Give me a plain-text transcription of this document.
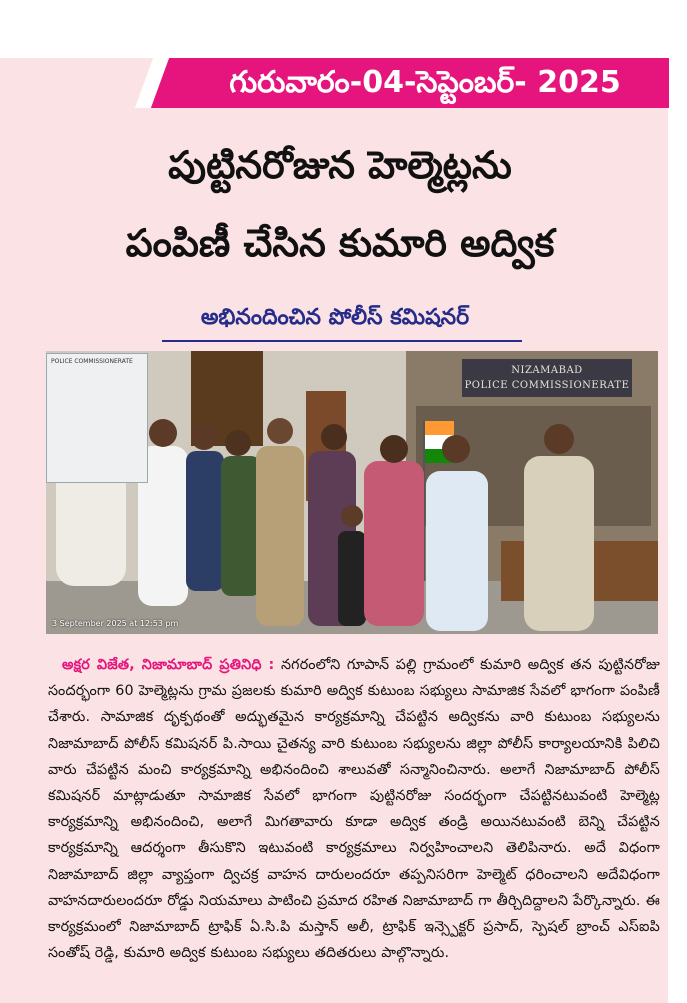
గురువారం-04-సెప్టెంబర్- 2025
పుట్టినరోజున హెల్మెట్లను
పంపిణీ చేసిన కుమారి అద్విక
అభినందించిన పోలీస్ కమిషనర్
POLICE COMMISSIONERATE
NIZAMABAD
POLICE COMMISSIONERATE
3 September 2025 at 12:53 pm
అక్షర విజేత, నిజామాబాద్ ప్రతినిధి : నగరంలోని గూపాన్ పల్లి గ్రామంలో కుమారి అద్విక తన పుట్టినరోజు సందర్భంగా 60 హెల్మెట్లను గ్రామ ప్రజలకు కుమారి అద్విక కుటుంబ సభ్యులు సామాజిక సేవలో భాగంగా పంపిణీ చేశారు. సామాజిక దృక్పథంతో అద్భుతమైన కార్యక్రమాన్ని చేపట్టిన అద్వికను వారి కుటుంబ సభ్యులను నిజామాబాద్ పోలీస్ కమిషనర్ పి.సాయి చైతన్య వారి కుటుంబ సభ్యులను జిల్లా పోలీస్ కార్యాలయానికి పిలిచి వారు చేపట్టిన మంచి కార్యక్రమాన్ని అభినందించి శాలువతో సన్మానించినారు. అలాగే నిజామాబాద్ పోలీస్ కమిషనర్ మాట్లాడుతూ సామాజిక సేవలో భాగంగా పుట్టినరోజు సందర్భంగా చేపట్టినటువంటి హెల్మెట్ల కార్యక్రమాన్ని అభినందించి, అలాగే మిగతావారు కూడా అద్విక తండ్రి అయినటువంటి బెన్ని చేపట్టిన కార్యక్రమాన్ని ఆదర్శంగా తీసుకొని ఇటువంటి కార్యక్రమాలు నిర్వహించాలని తెలిపినారు. అదే విధంగా నిజామాబాద్ జిల్లా వ్యాప్తంగా ద్విచక్ర వాహన దారులందరూ తప్పనిసరిగా హెల్మెట్ ధరించాలని అదేవిధంగా వాహనదారులందరూ రోడ్డు నియమాలు పాటించి ప్రమాద రహిత నిజామాబాద్ గా తీర్చిదిద్దాలని పేర్కొన్నారు. ఈ కార్యక్రమంలో నిజామాబాద్ ట్రాఫిక్ ఏ.సి.పి మస్తాన్ అలీ, ట్రాఫిక్ ఇన్స్పెక్టర్ ప్రసాద్, స్పెషల్ బ్రాంచ్ ఎస్ఐపి సంతోష్ రెడ్డి, కుమారి అద్విక కుటుంబ సభ్యులు తదితరులు పాల్గొన్నారు.
